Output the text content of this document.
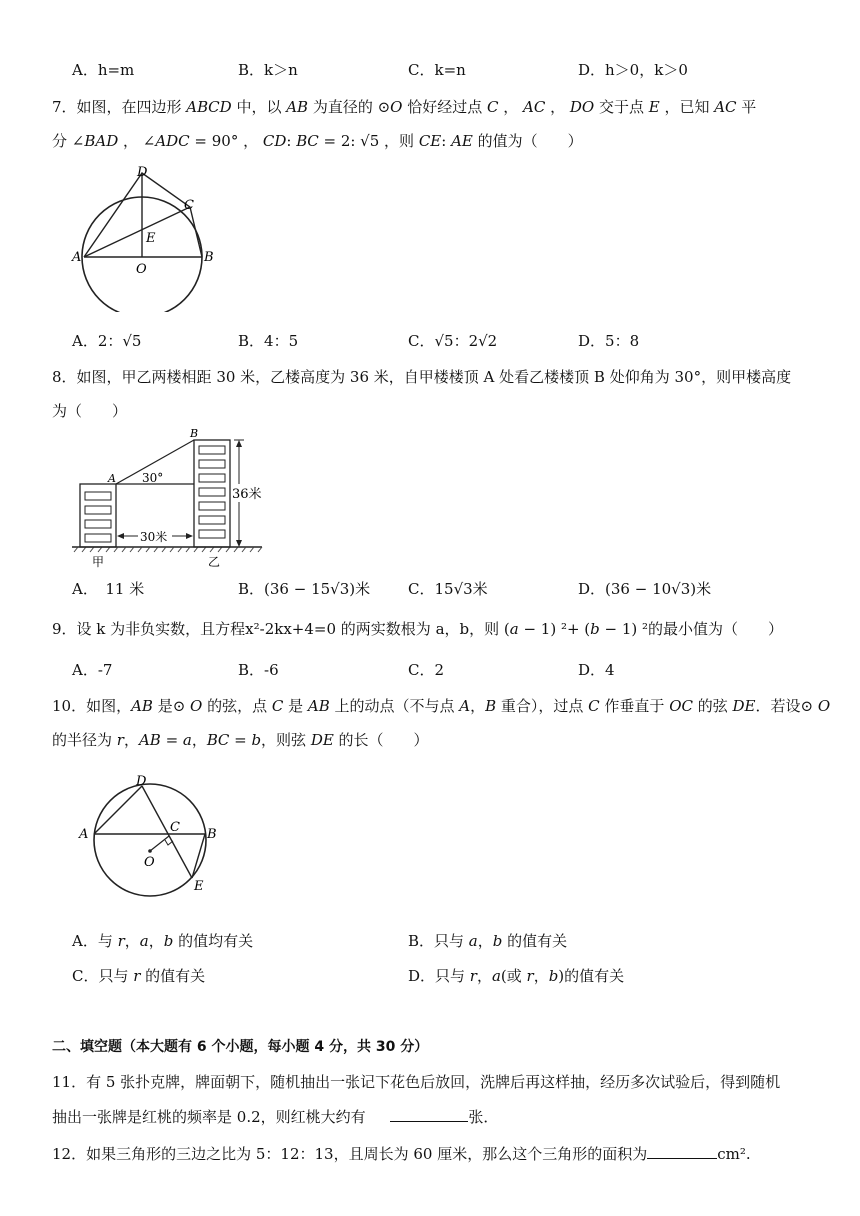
A．h=m	B．k＞n	C．k=n	D．h＞0，k＞0
7．如图，在四边形 𝐴𝐵𝐶𝐷 中，以 𝐴𝐵 为直径的 ⊙𝑂 恰好经过点 𝐶 ， 𝐴𝐶 ， 𝐷𝑂 交于点 𝐸 ，已知 𝐴𝐶 平
分 ∠𝐵𝐴𝐷 ， ∠𝐴𝐷𝐶 = 90° ， 𝐶𝐷: 𝐵𝐶 = 2: √5 ，则 𝐶𝐸: 𝐴𝐸 的值为（　　）
A	B
C
D
E
O
A．2：√5	B．4：5	C．√5：2√2	D．5：8
8．如图，甲乙两楼相距 30 米，乙楼高度为 36 米，自甲楼楼顶 A 处看乙楼楼顶 B 处仰角为 30°，则甲楼高度
为（　　）
A
B
30°
36米
30米
甲	乙
A．　11 米	B．(36 − 15√3)米	C．15√3米	D．(36 − 10√3)米
9．设 k 为非负实数，且方程x²-2kx+4=0 的两实数根为 a，b，则 (𝑎 − 1) ²+ (𝑏 − 1) ²的最小值为（　　）
A．-7	B．-6	C．2	D．4
10．如图，𝐴𝐵 是⊙ 𝑂 的弦，点 𝐶 是 𝐴𝐵 上的动点（不与点 𝐴，𝐵 重合），过点 𝐶 作垂直于 𝑂𝐶 的弦 𝐷𝐸．若设⊙ 𝑂
的半径为 𝑟，𝐴𝐵 = 𝑎，𝐵𝐶 = 𝑏，则弦 𝐷𝐸 的长（　　）
A	B
C
D
E
O
A．与 𝑟，𝑎，𝑏 的值均有关	B．只与 𝑎，𝑏 的值有关
C．只与 𝑟 的值有关	D．只与 𝑟，𝑎(或 𝑟，𝑏)的值有关
二、填空题（本大题有 6 个小题，每小题 4 分，共 30 分）
11．有 5 张扑克牌，牌面朝下，随机抽出一张记下花色后放回，洗牌后再这样抽，经历多次试验后，得到随机
抽出一张牌是红桃的频率是 0.2，则红桃大约有	张．
12．如果三角形的三边之比为 5：12：13，且周长为 60 厘米，那么这个三角形的面积为	cm².
